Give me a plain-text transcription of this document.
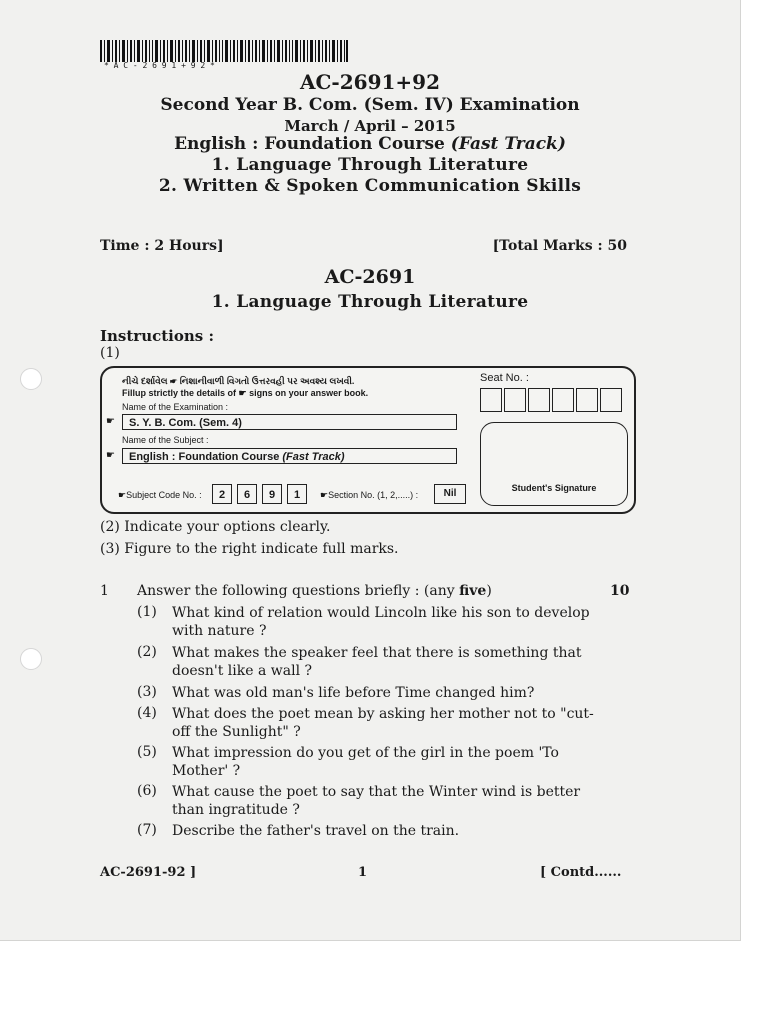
* A C - 2 6 9 1 + 9 2 *
AC-2691+92
Second Year B. Com. (Sem. IV) Examination
March / April – 2015
English : Foundation Course (Fast Track)
1. Language Through Literature
2. Written & Spoken Communication Skills
Time : 2 Hours]	[Total Marks : 50
AC-2691
1. Language Through Literature
Instructions :
(1)
નીચે દર્શાવેલ ☛ નિશાનીવાળી વિગતો ઉત્તરવહી પર અવશ્ય લખવી.
Fillup strictly the details of ☛ signs on your answer book.
Name of the Examination :
☛	S. Y. B. Com. (Sem. 4)
Name of the Subject :
☛	English : Foundation Course (Fast Track)
☛Subject Code No. :	2	6	9	1	☛Section No. (1, 2,.....) :	Nil
Seat No. :
Student's Signature
(2) Indicate your options clearly.
(3) Figure to the right indicate full marks.
1 Answer the following questions briefly : (any five)	10
(1) What kind of relation would Lincoln like his son to develop with nature ?
(2) What makes the speaker feel that there is something that doesn't like a wall ?
(3) What was old man's life before Time changed him?
(4) What does the poet mean by asking her mother not to "cut-off the Sunlight" ?
(5) What impression do you get of the girl in the poem 'To Mother' ?
(6) What cause the poet to say that the Winter wind is better than ingratitude ?
(7) Describe the father's travel on the train.
AC-2691-92 ]	1	[ Contd......
